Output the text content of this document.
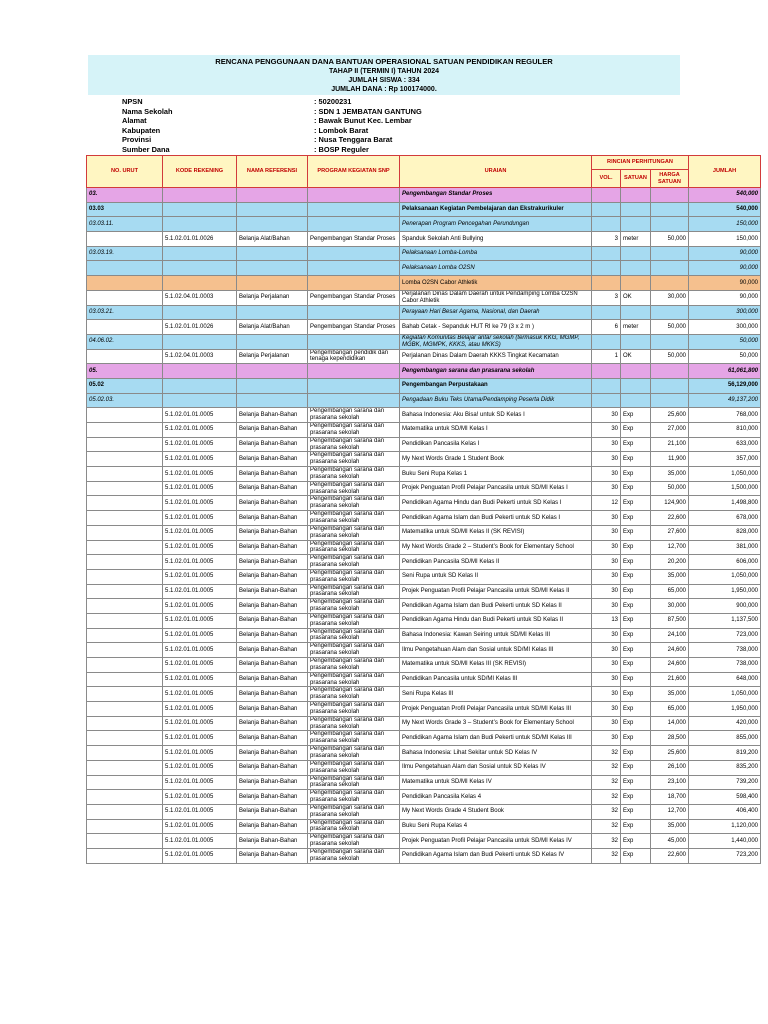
RENCANA PENGGUNAAN DANA BANTUAN OPERASIONAL SATUAN PENDIDIKAN REGULER
TAHAP II (TERMIN I) TAHUN 2024
JUMLAH SISWA : 334
JUMLAH DANA : Rp 100174000.
NPSN	: 50200231
Nama Sekolah	: SDN 1 JEMBATAN GANTUNG
Alamat	: Bawak Bunut Kec. Lembar
Kabupaten	: Lombok Barat
Provinsi	: Nusa Tenggara Barat
Sumber Dana	: BOSP Reguler
NO. URUT	KODE REKENING	NAMA REFERENSI	PROGRAM KEGIATAN SNP	URAIAN	RINCIAN PERHITUNGAN			JUMLAH
					VOL.	SATUAN	HARGA SATUAN	
03.				Pengembangan Standar Proses				540,000
03.03				Pelaksanaan Kegiatan Pembelajaran dan Ekstrakurikuler				540,000
03.03.11.				Penerapan Program Pencegahan Perundungan				150,000
	5.1.02.01.01.0026	Belanja Alat/Bahan	Pengembangan Standar Proses	Spanduk Sekolah Anti Bullying	3	meter	50,000	150,000
03.03.19.				Pelaksanaan Lomba-Lomba				90,000
				Pelaksanaan Lomba O2SN				90,000
				Lomba O2SN Cabor Athletik				90,000
	5.1.02.04.01.0003	Belanja Perjalanan	Pengembangan Standar Proses	Perjalanan Dinas Dalam Daerah untuk Pendamping Lomba O2SN Cabor Athletik	3	OK	30,000	90,000
03.03.21.				Perayaan Hari Besar Agama, Nasional, dan Daerah				300,000
	5.1.02.01.01.0026	Belanja Alat/Bahan	Pengembangan Standar Proses	Bahab Cetak - Sepanduk HUT RI ke 79 (3 x 2 m )	6	meter	50,000	300,000
04.06.02.				Kegiatan Komunitas Belajar antar sekolah (termasuk KKG, MGMP, MGBK, MGMPK, KKKS, atau MKKS)				50,000
	5.1.02.04.01.0003	Belanja Perjalanan	Pengembangan pendidik dan tenaga kependidikan	Perjalanan Dinas Dalam Daerah KKKS Tingkat Kecamatan	1	OK	50,000	50,000
05.				Pengembangan sarana dan prasarana sekolah				61,061,800
05.02				Pengembangan Perpustakaan				56,129,000
05.02.03.				Pengadaan Buku Teks Utama/Pendamping Peserta Didik				49,137,200
	5.1.02.01.01.0005	Belanja Bahan-Bahan	Pengembangan sarana dan prasarana sekolah	Bahasa Indonesia: Aku Bisa! untuk SD Kelas I	30	Exp	25,600	768,000
	5.1.02.01.01.0005	Belanja Bahan-Bahan	Pengembangan sarana dan prasarana sekolah	Matematika untuk SD/MI Kelas I	30	Exp	27,000	810,000
	5.1.02.01.01.0005	Belanja Bahan-Bahan	Pengembangan sarana dan prasarana sekolah	Pendidikan Pancasila Kelas I	30	Exp	21,100	633,000
	5.1.02.01.01.0005	Belanja Bahan-Bahan	Pengembangan sarana dan prasarana sekolah	My Next Words Grade 1 Student Book	30	Exp	11,900	357,000
	5.1.02.01.01.0005	Belanja Bahan-Bahan	Pengembangan sarana dan prasarana sekolah	Buku Seni Rupa Kelas 1	30	Exp	35,000	1,050,000
	5.1.02.01.01.0005	Belanja Bahan-Bahan	Pengembangan sarana dan prasarana sekolah	Projek Penguatan Profil Pelajar Pancasila untuk SD/MI Kelas I	30	Exp	50,000	1,500,000
	5.1.02.01.01.0005	Belanja Bahan-Bahan	Pengembangan sarana dan prasarana sekolah	Pendidikan Agama Hindu dan Budi Pekerti untuk SD Kelas I	12	Exp	124,900	1,498,800
	5.1.02.01.01.0005	Belanja Bahan-Bahan	Pengembangan sarana dan prasarana sekolah	Pendidikan Agama Islam dan Budi Pekerti untuk SD Kelas I	30	Exp	22,600	678,000
	5.1.02.01.01.0005	Belanja Bahan-Bahan	Pengembangan sarana dan prasarana sekolah	Matematika untuk SD/MI Kelas II (SK REVISI)	30	Exp	27,600	828,000
	5.1.02.01.01.0005	Belanja Bahan-Bahan	Pengembangan sarana dan prasarana sekolah	My Next Words Grade 2 – Student’s Book for Elementary School	30	Exp	12,700	381,000
	5.1.02.01.01.0005	Belanja Bahan-Bahan	Pengembangan sarana dan prasarana sekolah	Pendidikan Pancasila SD/MI Kelas II	30	Exp	20,200	606,000
	5.1.02.01.01.0005	Belanja Bahan-Bahan	Pengembangan sarana dan prasarana sekolah	Seni Rupa untuk SD Kelas II	30	Exp	35,000	1,050,000
	5.1.02.01.01.0005	Belanja Bahan-Bahan	Pengembangan sarana dan prasarana sekolah	Projek Penguatan Profil Pelajar Pancasila untuk SD/MI Kelas II	30	Exp	65,000	1,950,000
	5.1.02.01.01.0005	Belanja Bahan-Bahan	Pengembangan sarana dan prasarana sekolah	Pendidikan Agama Islam dan Budi Pekerti untuk SD Kelas II	30	Exp	30,000	900,000
	5.1.02.01.01.0005	Belanja Bahan-Bahan	Pengembangan sarana dan prasarana sekolah	Pendidikan Agama Hindu dan Budi Pekerti untuk SD Kelas II	13	Exp	87,500	1,137,500
	5.1.02.01.01.0005	Belanja Bahan-Bahan	Pengembangan sarana dan prasarana sekolah	Bahasa Indonesia: Kawan Seiring untuk SD/MI Kelas III	30	Exp	24,100	723,000
	5.1.02.01.01.0005	Belanja Bahan-Bahan	Pengembangan sarana dan prasarana sekolah	Ilmu Pengetahuan Alam dan Sosial untuk SD/MI Kelas III	30	Exp	24,600	738,000
	5.1.02.01.01.0005	Belanja Bahan-Bahan	Pengembangan sarana dan prasarana sekolah	Matematika untuk SD/MI Kelas III (SK REVISI)	30	Exp	24,600	738,000
	5.1.02.01.01.0005	Belanja Bahan-Bahan	Pengembangan sarana dan prasarana sekolah	Pendidikan Pancasila untuk SD/MI Kelas III	30	Exp	21,600	648,000
	5.1.02.01.01.0005	Belanja Bahan-Bahan	Pengembangan sarana dan prasarana sekolah	Seni Rupa Kelas III	30	Exp	35,000	1,050,000
	5.1.02.01.01.0005	Belanja Bahan-Bahan	Pengembangan sarana dan prasarana sekolah	Projek Penguatan Profil Pelajar Pancasila untuk SD/MI Kelas III	30	Exp	65,000	1,950,000
	5.1.02.01.01.0005	Belanja Bahan-Bahan	Pengembangan sarana dan prasarana sekolah	My Next Words Grade 3 – Student’s Book for Elementary School	30	Exp	14,000	420,000
	5.1.02.01.01.0005	Belanja Bahan-Bahan	Pengembangan sarana dan prasarana sekolah	Pendidikan Agama Islam dan Budi Pekerti untuk SD/MI Kelas III	30	Exp	28,500	855,000
	5.1.02.01.01.0005	Belanja Bahan-Bahan	Pengembangan sarana dan prasarana sekolah	Bahasa Indonesia: Lihat Sekitar untuk SD Kelas IV	32	Exp	25,600	819,200
	5.1.02.01.01.0005	Belanja Bahan-Bahan	Pengembangan sarana dan prasarana sekolah	Ilmu Pengetahuan Alam dan Sosial untuk SD Kelas IV	32	Exp	26,100	835,200
	5.1.02.01.01.0005	Belanja Bahan-Bahan	Pengembangan sarana dan prasarana sekolah	Matematika untuk SD/MI Kelas IV	32	Exp	23,100	739,200
	5.1.02.01.01.0005	Belanja Bahan-Bahan	Pengembangan sarana dan prasarana sekolah	Pendidikan Pancasila Kelas 4	32	Exp	18,700	598,400
	5.1.02.01.01.0005	Belanja Bahan-Bahan	Pengembangan sarana dan prasarana sekolah	My Next Words Grade 4 Student Book	32	Exp	12,700	406,400
	5.1.02.01.01.0005	Belanja Bahan-Bahan	Pengembangan sarana dan prasarana sekolah	Buku Seni Rupa Kelas 4	32	Exp	35,000	1,120,000
	5.1.02.01.01.0005	Belanja Bahan-Bahan	Pengembangan sarana dan prasarana sekolah	Projek Penguatan Profil Pelajar Pancasila untuk SD/MI Kelas IV	32	Exp	45,000	1,440,000
	5.1.02.01.01.0005	Belanja Bahan-Bahan	Pengembangan sarana dan prasarana sekolah	Pendidikan Agama Islam dan Budi Pekerti untuk SD Kelas IV	32	Exp	22,600	723,200
